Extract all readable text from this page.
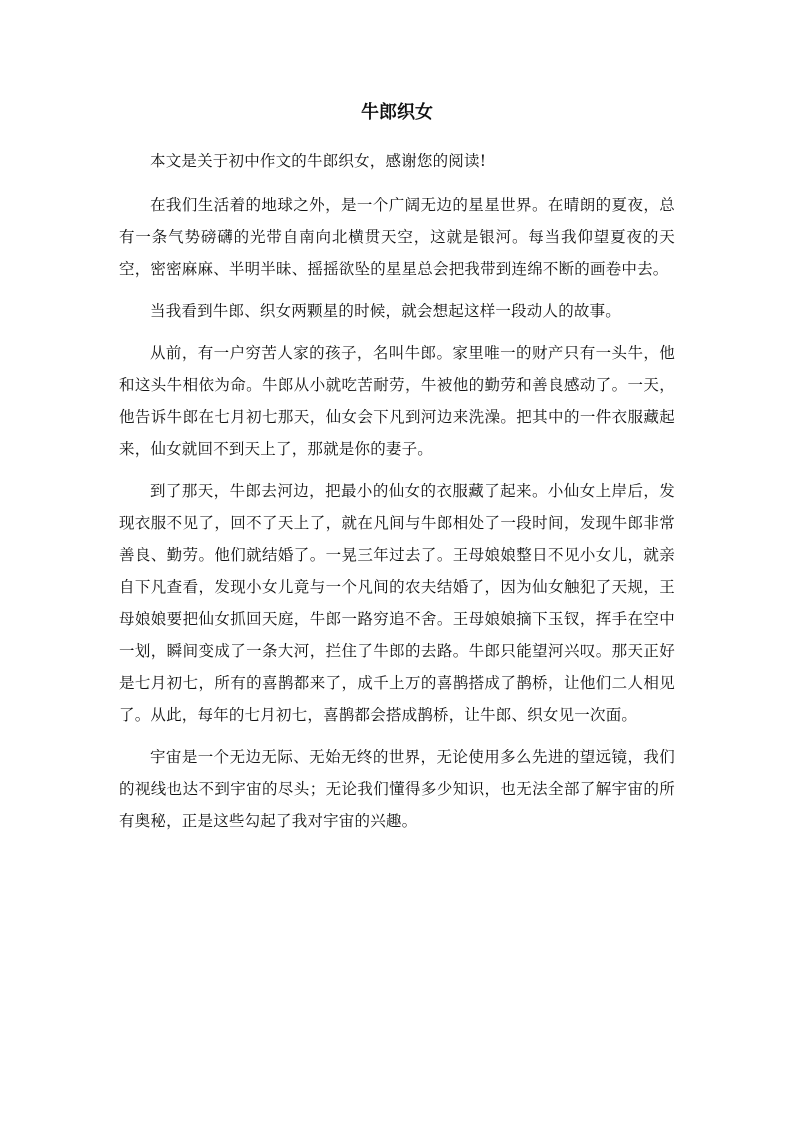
牛郎织女

本文是关于初中作文的牛郎织女，感谢您的阅读!

在我们生活着的地球之外，是一个广阔无边的星星世界。在晴朗的夏夜，总有一条气势磅礴的光带自南向北横贯天空，这就是银河。每当我仰望夏夜的天空，密密麻麻、半明半昧、摇摇欲坠的星星总会把我带到连绵不断的画卷中去。

当我看到牛郎、织女两颗星的时候，就会想起这样一段动人的故事。

从前，有一户穷苦人家的孩子，名叫牛郎。家里唯一的财产只有一头牛，他和这头牛相依为命。牛郎从小就吃苦耐劳，牛被他的勤劳和善良感动了。一天，他告诉牛郎在七月初七那天，仙女会下凡到河边来洗澡。把其中的一件衣服藏起来，仙女就回不到天上了，那就是你的妻子。

到了那天，牛郎去河边，把最小的仙女的衣服藏了起来。小仙女上岸后，发现衣服不见了，回不了天上了，就在凡间与牛郎相处了一段时间，发现牛郎非常善良、勤劳。他们就结婚了。一晃三年过去了。王母娘娘整日不见小女儿，就亲自下凡查看，发现小女儿竟与一个凡间的农夫结婚了，因为仙女触犯了天规，王母娘娘要把仙女抓回天庭，牛郎一路穷追不舍。王母娘娘摘下玉钗，挥手在空中一划，瞬间变成了一条大河，拦住了牛郎的去路。牛郎只能望河兴叹。那天正好是七月初七，所有的喜鹊都来了，成千上万的喜鹊搭成了鹊桥，让他们二人相见了。从此，每年的七月初七，喜鹊都会搭成鹊桥，让牛郎、织女见一次面。

宇宙是一个无边无际、无始无终的世界，无论使用多么先进的望远镜，我们的视线也达不到宇宙的尽头；无论我们懂得多少知识，也无法全部了解宇宙的所有奥秘，正是这些勾起了我对宇宙的兴趣。
